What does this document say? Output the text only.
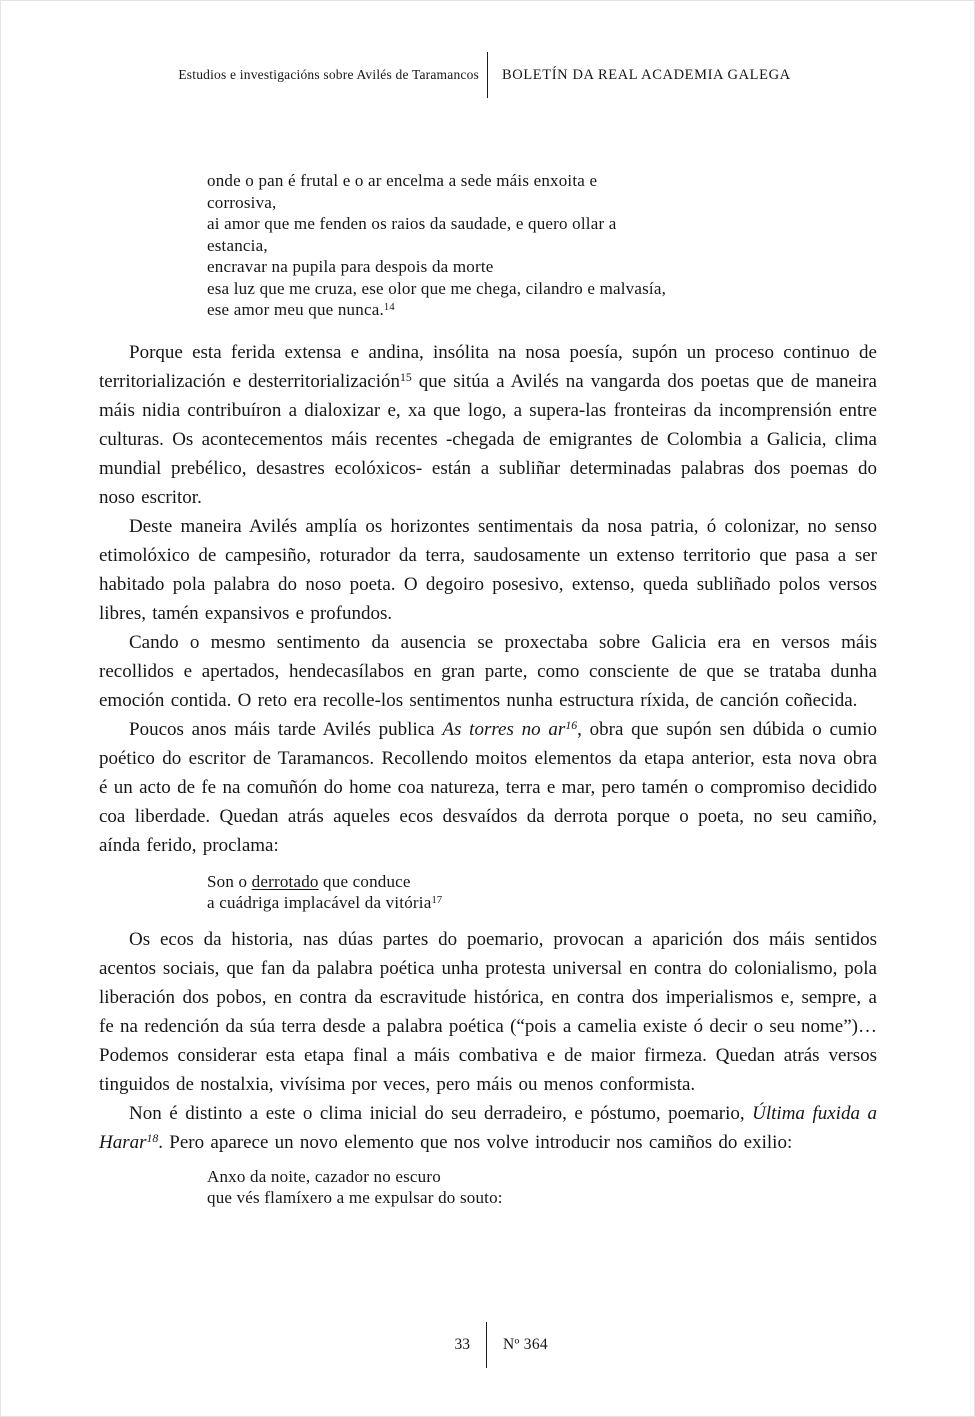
Estudios e investigacións sobre Avilés de Taramancos BOLETÍN DA REAL ACADEMIA GALEGA
onde o pan é frutal e o ar encelma a sede máis enxoita e
corrosiva,
ai amor que me fenden os raios da saudade, e quero ollar a
estancia,
encravar na pupila para despois da morte
esa luz que me cruza, ese olor que me chega, cilandro e malvasía,
ese amor meu que nunca.$^{14}$

Porque esta ferida extensa e andina, insólita na nosa poesía, supón un proceso continuo de territorialización e desterritorialización$^{15}$ que sitúa a Avilés na vangarda dos poetas que de maneira máis nidia contribuíron a dialoxizar e, xa que logo, a supera-las fronteiras da incomprensión entre culturas. Os acontecementos máis recentes -chegada de emigrantes de Colombia a Galicia, clima mundial prebélico, desastres ecolóxicos- están a subliñar determinadas palabras dos poemas do noso escritor.

Deste maneira Avilés amplía os horizontes sentimentais da nosa patria, ó colonizar, no senso etimolóxico de campesiño, roturador da terra, saudosamente un extenso territorio que pasa a ser habitado pola palabra do noso poeta. O degoiro posesivo, extenso, queda subliñado polos versos libres, tamén expansivos e profundos.

Cando o mesmo sentimento da ausencia se proxectaba sobre Galicia era en versos máis recollidos e apertados, hendecasílabos en gran parte, como consciente de que se trataba dunha emoción contida. O reto era recolle-los sentimentos nunha estructura ríxida, de canción coñecida.

Poucos anos máis tarde Avilés publica As torres no ar$^{16}$, obra que supón sen dúbida o cumio poético do escritor de Taramancos. Recollendo moitos elementos da etapa anterior, esta nova obra é un acto de fe na comuñón do home coa natureza, terra e mar, pero tamén o compromiso decidido coa liberdade. Quedan atrás aqueles ecos desvaídos da derrota porque o poeta, no seu camiño, aínda ferido, proclama:

Son o derrotado que conduce
a cuádriga implacável da vitória$^{17}$

Os ecos da historia, nas dúas partes do poemario, provocan a aparición dos máis sentidos acentos sociais, que fan da palabra poética unha protesta universal en contra do colonialismo, pola liberación dos pobos, en contra da escravitude histórica, en contra dos imperialismos e, sempre, a fe na redención da súa terra desde a palabra poética (“pois a camelia existe ó decir o seu nome”)… Podemos considerar esta etapa final a máis combativa e de maior firmeza. Quedan atrás versos tinguidos de nostalxia, vivísima por veces, pero máis ou menos conformista.

Non é distinto a este o clima inicial do seu derradeiro, e póstumo, poemario, Última fuxida a Harar$^{18}$. Pero aparece un novo elemento que nos volve introducir nos camiños do exilio:

Anxo da noite, cazador no escuro
que vés flamíxero a me expulsar do souto:
33 Nº 364
